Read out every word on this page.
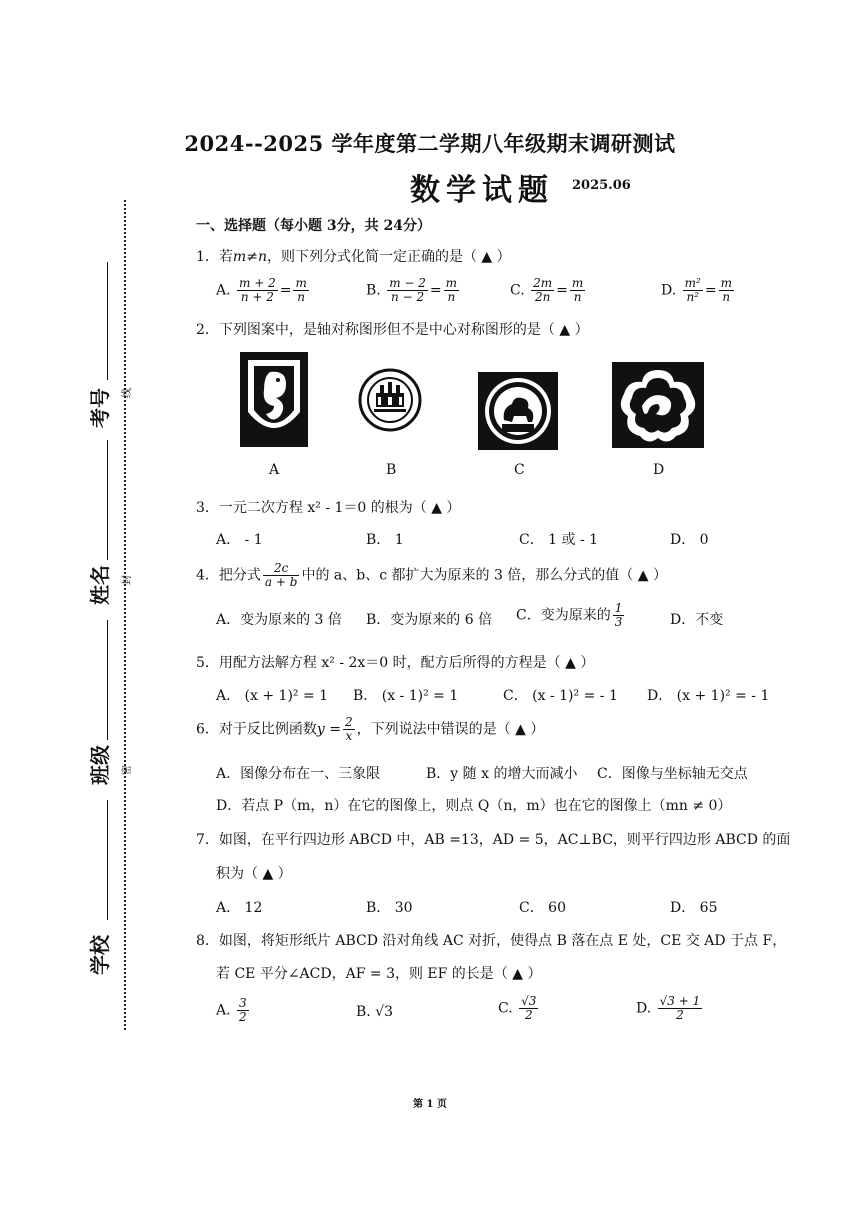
2024--2025 学年度第二学期八年级期末调研测试
数学试题 2025.06
考号
姓名
班级
学校
线
封
密
一、选择题（每小题 3分，共 24分）
1．若m≠n，则下列分式化简一定正确的是（ ▲ ）
A. $\frac{m + 2}{n + 2} = \frac{m}{n}$	B. $\frac{m - 2}{n - 2} = \frac{m}{n}$	C. $\frac{2m}{2n} = \frac{m}{n}$	D. $\frac{\text{m²}}{\text{n²}} = \frac{m}{n}$
2．下列图案中，是轴对称图形但不是中心对称图形的是（ ▲ ）
A	B	C	D
3．一元二次方程 x² - 1＝0 的根为（ ▲ ）
A． - 1	B． 1	C． 1 或 - 1	D． 0
4．把分式 $\frac{2c}{a + b}$ 中的 a、b、c 都扩大为原来的 3 倍，那么分式的值（ ▲ ）
A．变为原来的 3 倍 B．变为原来的 6 倍 C．变为原来的 $\frac{1}{3}$	D．不变
5．用配方法解方程 x² - 2x＝0 时，配方后所得的方程是（ ▲ ）
A． (x + 1)² = 1 B． (x - 1)² = 1	C． (x - 1)² = - 1 D． (x + 1)² = - 1
6．对于反比例函数$y = \frac{2}{x}$ ，下列说法中错误的是（ ▲ ）
A．图像分布在一、三象限	B．y 随 x 的增大而减小 C．图像与坐标轴无交点
D．若点 P（m，n）在它的图像上，则点 Q（n，m）也在它的图像上（mn ≠ 0）
7．如图，在平行四边形 ABCD 中，AB =13，AD = 5，AC⊥BC，则平行四边形 ABCD 的面
积为（ ▲ ）
A． 12	B． 30	C． 60	D． 65
8．如图，将矩形纸片 ABCD 沿对角线 AC 对折，使得点 B 落在点 E 处，CE 交 AD 于点 F，
若 CE 平分∠ACD，AF = 3，则 EF 的长是（ ▲ ）
A. $\frac{3}{2}$	B. √3	C. $\frac{√3}{2}$	D. $\frac{√3 + 1}{2}$
第 1 页
